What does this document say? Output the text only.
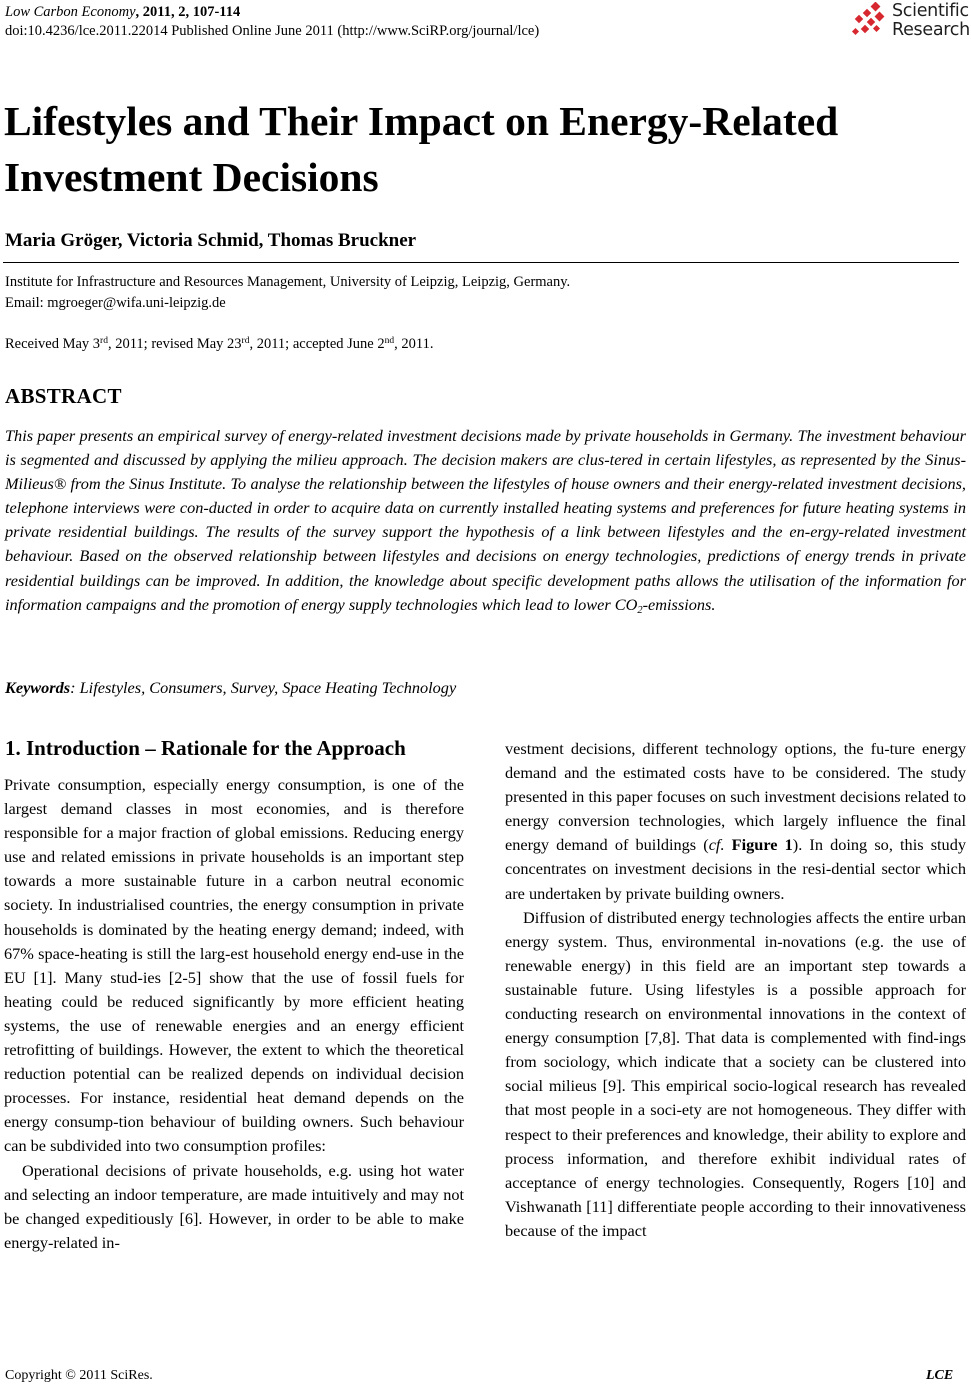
Low Carbon Economy, 2011, 2, 107-114
doi:10.4236/lce.2011.22014 Published Online June 2011 (http://www.SciRP.org/journal/lce)
Scientific
Research
Lifestyles and Their Impact on Energy-Related Investment Decisions
Maria Gröger, Victoria Schmid, Thomas Bruckner
Institute for Infrastructure and Resources Management, University of Leipzig, Leipzig, Germany.
Email: mgroeger@wifa.uni-leipzig.de
Received May 3rd, 2011; revised May 23rd, 2011; accepted June 2nd, 2011.
ABSTRACT

This paper presents an empirical survey of energy-related investment decisions made by private households in Germany. The investment behaviour is segmented and discussed by applying the milieu approach. The decision makers are clus-tered in certain lifestyles, as represented by the Sinus-Milieus® from the Sinus Institute. To analyse the relationship between the lifestyles of house owners and their energy-related investment decisions, telephone interviews were con-ducted in order to acquire data on currently installed heating systems and preferences for future heating systems in private residential buildings. The results of the survey support the hypothesis of a link between lifestyles and the en-ergy-related investment behaviour. Based on the observed relationship between lifestyles and decisions on energy technologies, predictions of energy trends in private residential buildings can be improved. In addition, the knowledge about specific development paths allows the utilisation of the information for information campaigns and the promotion of energy supply technologies which lead to lower $CO_2$-emissions.

Keywords: Lifestyles, Consumers, Survey, Space Heating Technology
1. Introduction – Rationale for the Approach

Private consumption, especially energy consumption, is one of the largest demand classes in most economies, and is therefore responsible for a major fraction of global emissions. Reducing energy use and related emissions in private households is an important step towards a more sustainable future in a carbon neutral economic society. In industrialised countries, the energy consumption in private households is dominated by the heating energy demand; indeed, with 67% space-heating is still the larg-est household energy end-use in the EU [1]. Many stud-ies [2-5] show that the use of fossil fuels for heating could be reduced significantly by more efficient heating systems, the use of renewable energies and an energy efficient retrofitting of buildings. However, the extent to which the theoretical reduction potential can be realized depends on individual decision processes. For instance, residential heat demand depends on the energy consump-tion behaviour of building owners. Such behaviour can be subdivided into two consumption profiles:

Operational decisions of private households, e.g. using hot water and selecting an indoor temperature, are made intuitively and may not be changed expeditiously [6]. However, in order to be able to make energy-related in-

vestment decisions, different technology options, the fu-ture energy demand and the estimated costs have to be considered. The study presented in this paper focuses on such investment decisions related to energy conversion technologies, which largely influence the final energy demand of buildings (cf. Figure 1). In doing so, this study concentrates on investment decisions in the resi-dential sector which are undertaken by private building owners.

Diffusion of distributed energy technologies affects the entire urban energy system. Thus, environmental in-novations (e.g. the use of renewable energy) in this field are an important step towards a sustainable future. Using lifestyles is a possible approach for conducting research on environmental innovations in the context of energy consumption [7,8]. That data is complemented with find-ings from sociology, which indicate that a society can be clustered into social milieus [9]. This empirical socio-logical research has revealed that most people in a soci-ety are not homogeneous. They differ with respect to their preferences and knowledge, their ability to explore and process information, and therefore exhibit individual rates of acceptance of energy technologies. Consequently, Rogers [10] and Vishwanath [11] differentiate people according to their innovativeness because of the impact

Copyright © 2011 SciRes.	LCE
